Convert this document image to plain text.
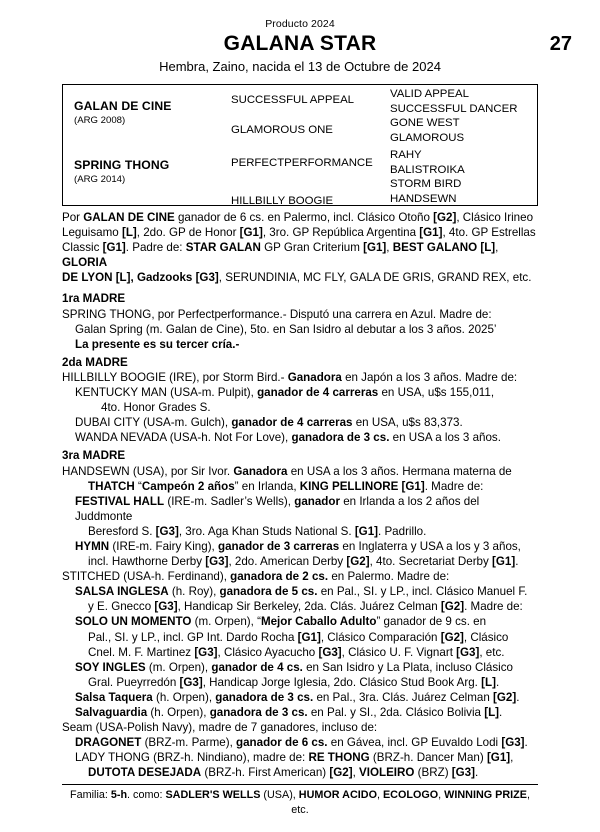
Producto 2024
GALANA STAR	27
Hembra, Zaino, nacida el 13 de Octubre de 2024
GALAN DE CINE
(ARG 2008)
SPRING THONG
(ARG 2014)
SUCCESSFUL APPEAL
GLAMOROUS ONE
PERFECTPERFORMANCE
HILLBILLY BOOGIE
VALID APPEAL
SUCCESSFUL DANCER
GONE WEST
GLAMOROUS
RAHY
BALISTROIKA
STORM BIRD
HANDSEWN
Por GALAN DE CINE ganador de 6 cs. en Palermo, incl. Clásico Otoño [G2], Clásico Irineo
Leguisamo [L], 2do. GP de Honor [G1], 3ro. GP República Argentina [G1], 4to. GP Estrellas
Classic [G1]. Padre de: STAR GALAN GP Gran Criterium [G1], BEST GALANO [L], GLORIA
DE LYON [L], Gadzooks [G3], SERUNDINIA, MC FLY, GALA DE GRIS, GRAND REX, etc.
1ra MADRE
SPRING THONG, por Perfectperformance.- Disputó una carrera en Azul. Madre de:
Galan Spring (m. Galan de Cine), 5to. en San Isidro al debutar a los 3 años. 2025’
La presente es su tercer cría.-
2da MADRE
HILLBILLY BOOGIE (IRE), por Storm Bird.- Ganadora en Japón a los 3 años. Madre de:
KENTUCKY MAN (USA-m. Pulpit), ganador de 4 carreras en USA, u$s 155,011,
4to. Honor Grades S.
DUBAI CITY (USA-m. Gulch), ganador de 4 carreras en USA, u$s 83,373.
WANDA NEVADA (USA-h. Not For Love), ganadora de 3 cs. en USA a los 3 años.
3ra MADRE
HANDSEWN (USA), por Sir Ivor. Ganadora en USA a los 3 años. Hermana materna de
THATCH “Campeón 2 años” en Irlanda, KING PELLINORE [G1]. Madre de:
FESTIVAL HALL (IRE-m. Sadler’s Wells), ganador en Irlanda a los 2 años del Juddmonte
Beresford S. [G3], 3ro. Aga Khan Studs National S. [G1]. Padrillo.
HYMN (IRE-m. Fairy King), ganador de 3 carreras en Inglaterra y USA a los y 3 años,
incl. Hawthorne Derby [G3], 2do. American Derby [G2], 4to. Secretariat Derby [G1].
STITCHED (USA-h. Ferdinand), ganadora de 2 cs. en Palermo. Madre de:
SALSA INGLESA (h. Roy), ganadora de 5 cs. en Pal., SI. y LP., incl. Clásico Manuel F.
y E. Gnecco [G3], Handicap Sir Berkeley, 2da. Clás. Juárez Celman [G2]. Madre de:
SOLO UN MOMENTO (m. Orpen), “Mejor Caballo Adulto” ganador de 9 cs. en
Pal., SI. y LP., incl. GP Int. Dardo Rocha [G1], Clásico Comparación [G2], Clásico
Cnel. M. F. Martinez [G3], Clásico Ayacucho [G3], Clásico U. F. Vignart [G3], etc.
SOY INGLES (m. Orpen), ganador de 4 cs. en San Isidro y La Plata, incluso Clásico
Gral. Pueyrredón [G3], Handicap Jorge Iglesia, 2do. Clásico Stud Book Arg. [L].
Salsa Taquera (h. Orpen), ganadora de 3 cs. en Pal., 3ra. Clás. Juárez Celman [G2].
Salvaguardia (h. Orpen), ganadora de 3 cs. en Pal. y SI., 2da. Clásico Bolivia [L].
Seam (USA-Polish Navy), madre de 7 ganadores, incluso de:
DRAGONET (BRZ-m. Parme), ganador de 6 cs. en Gávea, incl. GP Euvaldo Lodi [G3].
LADY THONG (BRZ-h. Nindiano), madre de: RE THONG (BRZ-h. Dancer Man) [G1],
DUTOTA DESEJADA (BRZ-h. First American) [G2], VIOLEIRO (BRZ) [G3].
Familia: 5-h. como: SADLER'S WELLS (USA), HUMOR ACIDO, ECOLOGO, WINNING PRIZE, etc.
